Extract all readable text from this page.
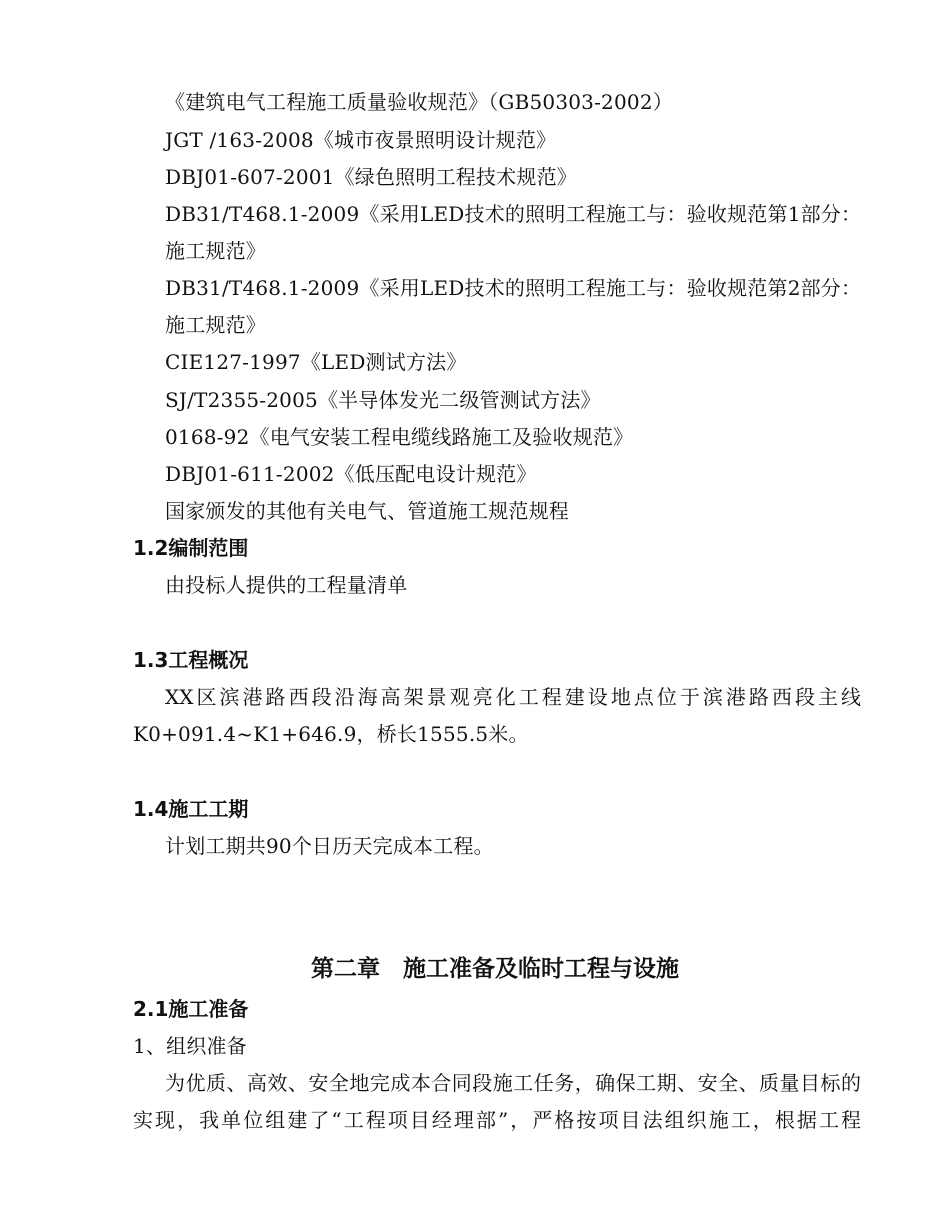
《建筑电气工程施工质量验收规范》（GB50303-2002）
JGT /163-2008《城市夜景照明设计规范》
DBJ01-607-2001《绿色照明工程技术规范》
DB31/T468.1-2009《采用LED技术的照明工程施工与：验收规范第1部分：
施工规范》
DB31/T468.1-2009《采用LED技术的照明工程施工与：验收规范第2部分：
施工规范》
CIE127-1997《LED测试方法》
SJ/T2355-2005《半导体发光二级管测试方法》
0168-92《电气安装工程电缆线路施工及验收规范》
DBJ01-611-2002《低压配电设计规范》
国家颁发的其他有关电气、管道施工规范规程
1.2编制范围
由投标人提供的工程量清单
1.3工程概况
XX区滨港路西段沿海高架景观亮化工程建设地点位于滨港路西段主线
K0+091.4~K1+646.9，桥长1555.5米。
1.4施工工期
计划工期共90个日历天完成本工程。
第二章　施工准备及临时工程与设施
2.1施工准备
1、组织准备
为优质、高效、安全地完成本合同段施工任务，确保工期、安全、质量目标的
实现，我单位组建了“工程项目经理部”，严格按项目法组织施工，根据工程
